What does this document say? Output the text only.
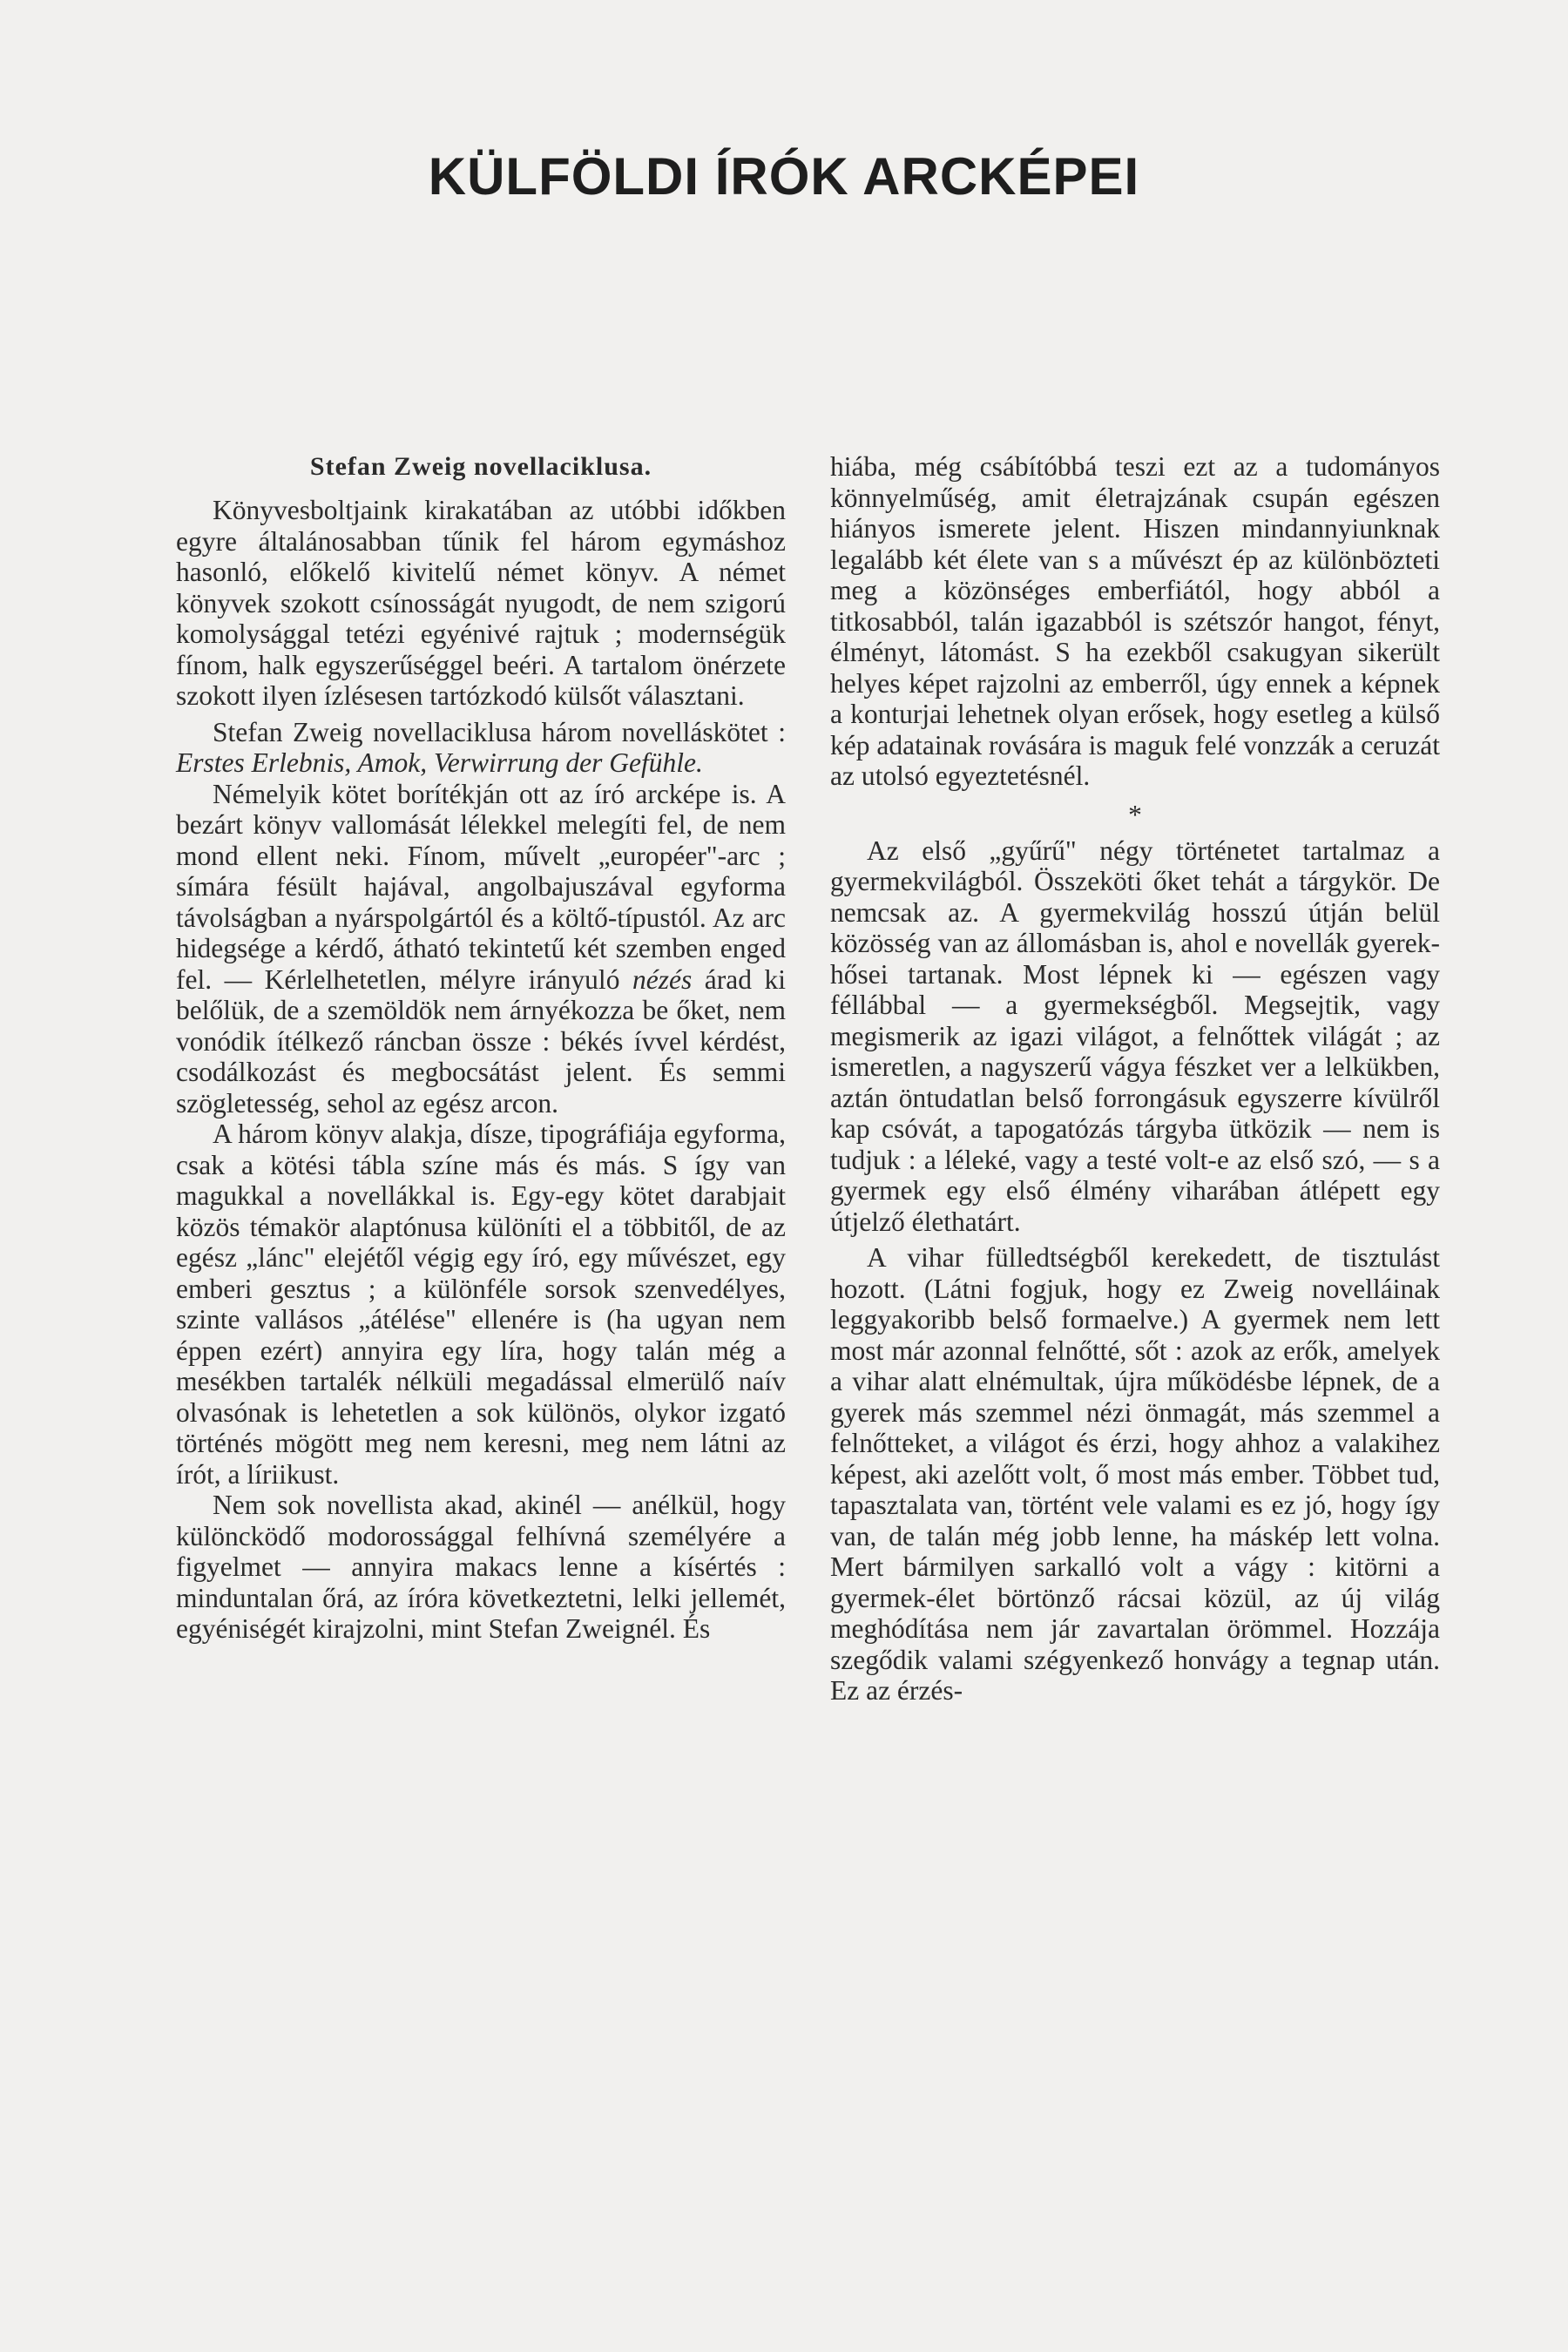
KÜLFÖLDI ÍRÓK ARCKÉPEI
Stefan Zweig novellaciklusa.

Könyvesboltjaink kirakatában az utóbbi időkben egyre általánosabban tűnik fel három egymáshoz hasonló, előkelő kivitelű német könyv. A német könyvek szokott csínosságát nyugodt, de nem szigorú komolysággal tetézi egyénivé rajtuk ; modernségük fínom, halk egyszerűséggel beéri. A tartalom önérzete szokott ilyen ízlésesen tartózkodó külsőt választani.

Stefan Zweig novellaciklusa három novelláskötet : Erstes Erlebnis, Amok, Verwirrung der Gefühle.

Némelyik kötet borítékján ott az író arcképe is. A bezárt könyv vallomását lélekkel melegíti fel, de nem mond ellent neki. Fínom, művelt „européer"-arc ; símára fésült hajával, angolbajuszával egyforma távolságban a nyárspolgártól és a költő-típustól. Az arc hidegsége a kérdő, átható tekintetű két szemben enged fel. — Kérlelhetetlen, mélyre irányuló nézés árad ki belőlük, de a szemöldök nem árnyékozza be őket, nem vonódik ítélkező ráncban össze : békés ívvel kérdést, csodálkozást és megbocsátást jelent. És semmi szögletesség, sehol az egész arcon.

A három könyv alakja, dísze, tipográfiája egyforma, csak a kötési tábla színe más és más. S így van magukkal a novellákkal is. Egy-egy kötet darabjait közös témakör alaptónusa különíti el a többitől, de az egész „lánc" elejétől végig egy író, egy művészet, egy emberi gesztus ; a különféle sorsok szenvedélyes, szinte vallásos „átélése" ellenére is (ha ugyan nem éppen ezért) annyira egy líra, hogy talán még a mesékben tartalék nélküli megadással elmerülő naív olvasónak is lehetetlen a sok különös, olykor izgató történés mögött meg nem keresni, meg nem látni az írót, a líriikust.

Nem sok novellista akad, akinél — anélkül, hogy különcködő modorossággal felhívná személyére a figyelmet — annyira makacs lenne a kísértés : minduntalan őrá, az íróra következtetni, lelki jellemét, egyéniségét kirajzolni, mint Stefan Zweignél. És

hiába, még csábítóbbá teszi ezt az a tudományos könnyelműség, amit életrajzának csupán egészen hiányos ismerete jelent. Hiszen mindannyiunknak legalább két élete van s a művészt ép az különbözteti meg a közönséges emberfiától, hogy abból a titkosabból, talán igazabból is szétszór hangot, fényt, élményt, látomást. S ha ezekből csakugyan sikerült helyes képet rajzolni az emberről, úgy ennek a képnek a konturjai lehetnek olyan erősek, hogy esetleg a külső kép adatainak rovására is maguk felé vonzzák a ceruzát az utolsó egyeztetésnél.

*

Az első „gyűrű" négy történetet tartalmaz a gyermekvilágból. Összeköti őket tehát a tárgykör. De nemcsak az. A gyermekvilág hosszú útján belül közösség van az állomásban is, ahol e novellák gyerek-hősei tartanak. Most lépnek ki — egészen vagy féllábbal — a gyermekségből. Megsejtik, vagy megismerik az igazi világot, a felnőttek világát ; az ismeretlen, a nagyszerű vágya fészket ver a lelkükben, aztán öntudatlan belső forrongásuk egyszerre kívülről kap csóvát, a tapogatózás tárgyba ütközik — nem is tudjuk : a léleké, vagy a testé volt-e az első szó, — s a gyermek egy első élmény viharában átlépett egy útjelző élethatárt.

A vihar fülledtségből kerekedett, de tisztulást hozott. (Látni fogjuk, hogy ez Zweig novelláinak leggyakoribb belső formaelve.) A gyermek nem lett most már azonnal felnőtté, sőt : azok az erők, amelyek a vihar alatt elnémultak, újra működésbe lépnek, de a gyerek más szemmel nézi önmagát, más szemmel a felnőtteket, a világot és érzi, hogy ahhoz a valakihez képest, aki azelőtt volt, ő most más ember. Többet tud, tapasztalata van, történt vele valami es ez jó, hogy így van, de talán még jobb lenne, ha máskép lett volna. Mert bármilyen sarkalló volt a vágy : kitörni a gyermek-élet börtönző rácsai közül, az új világ meghódítása nem jár zavartalan örömmel. Hozzája szegődik valami szégyenkező honvágy a tegnap után. Ez az érzés-
